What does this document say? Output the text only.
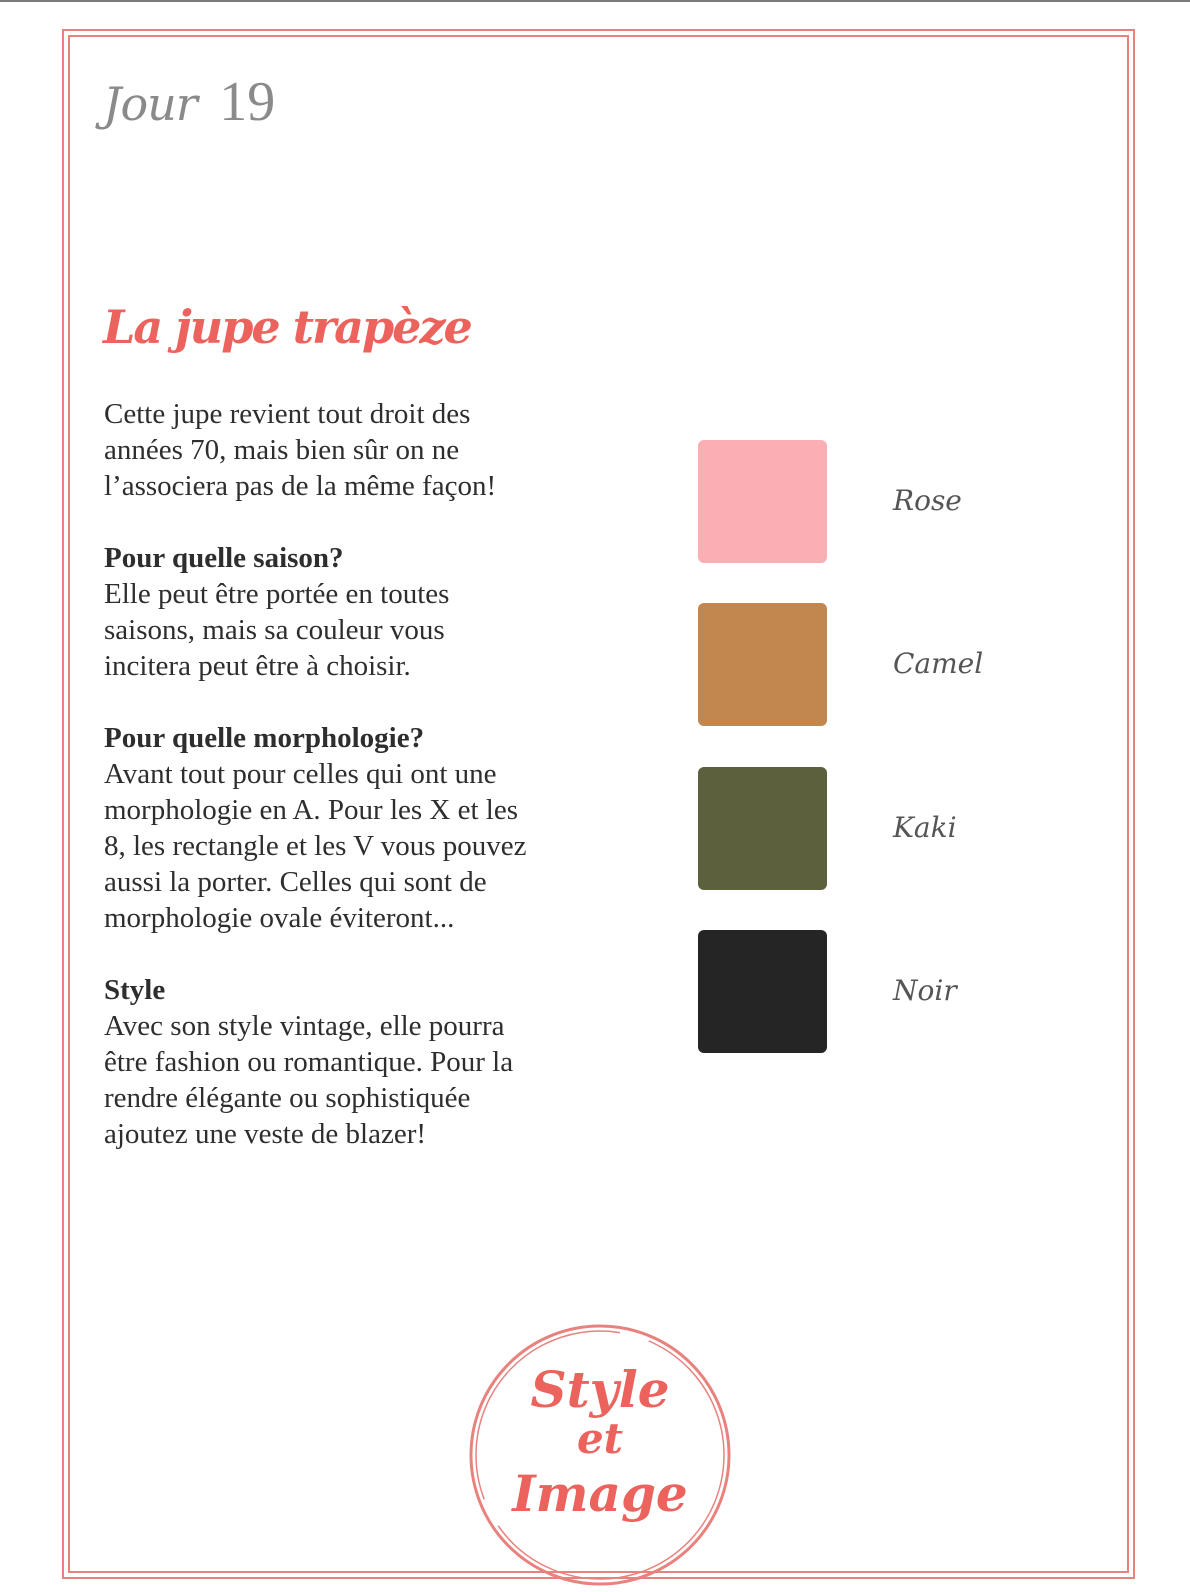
Jour 19
La jupe trapèze

Cette jupe revient tout droit des

années 70, mais bien sûr on ne

l’associera pas de la même façon!

Pour quelle saison?

Elle peut être portée en toutes

saisons, mais sa couleur vous

incitera peut être à choisir.

Pour quelle morphologie?

Avant tout pour celles qui ont une

morphologie en A. Pour les X et les

8, les rectangle et les V vous pouvez

aussi la porter. Celles qui sont de

morphologie ovale éviteront...

Style

Avec son style vintage, elle pourra

être fashion ou romantique. Pour la

rendre élégante ou sophistiquée

ajoutez une veste de blazer!

Rose
Camel
Kaki
Noir
Style
et
Image
